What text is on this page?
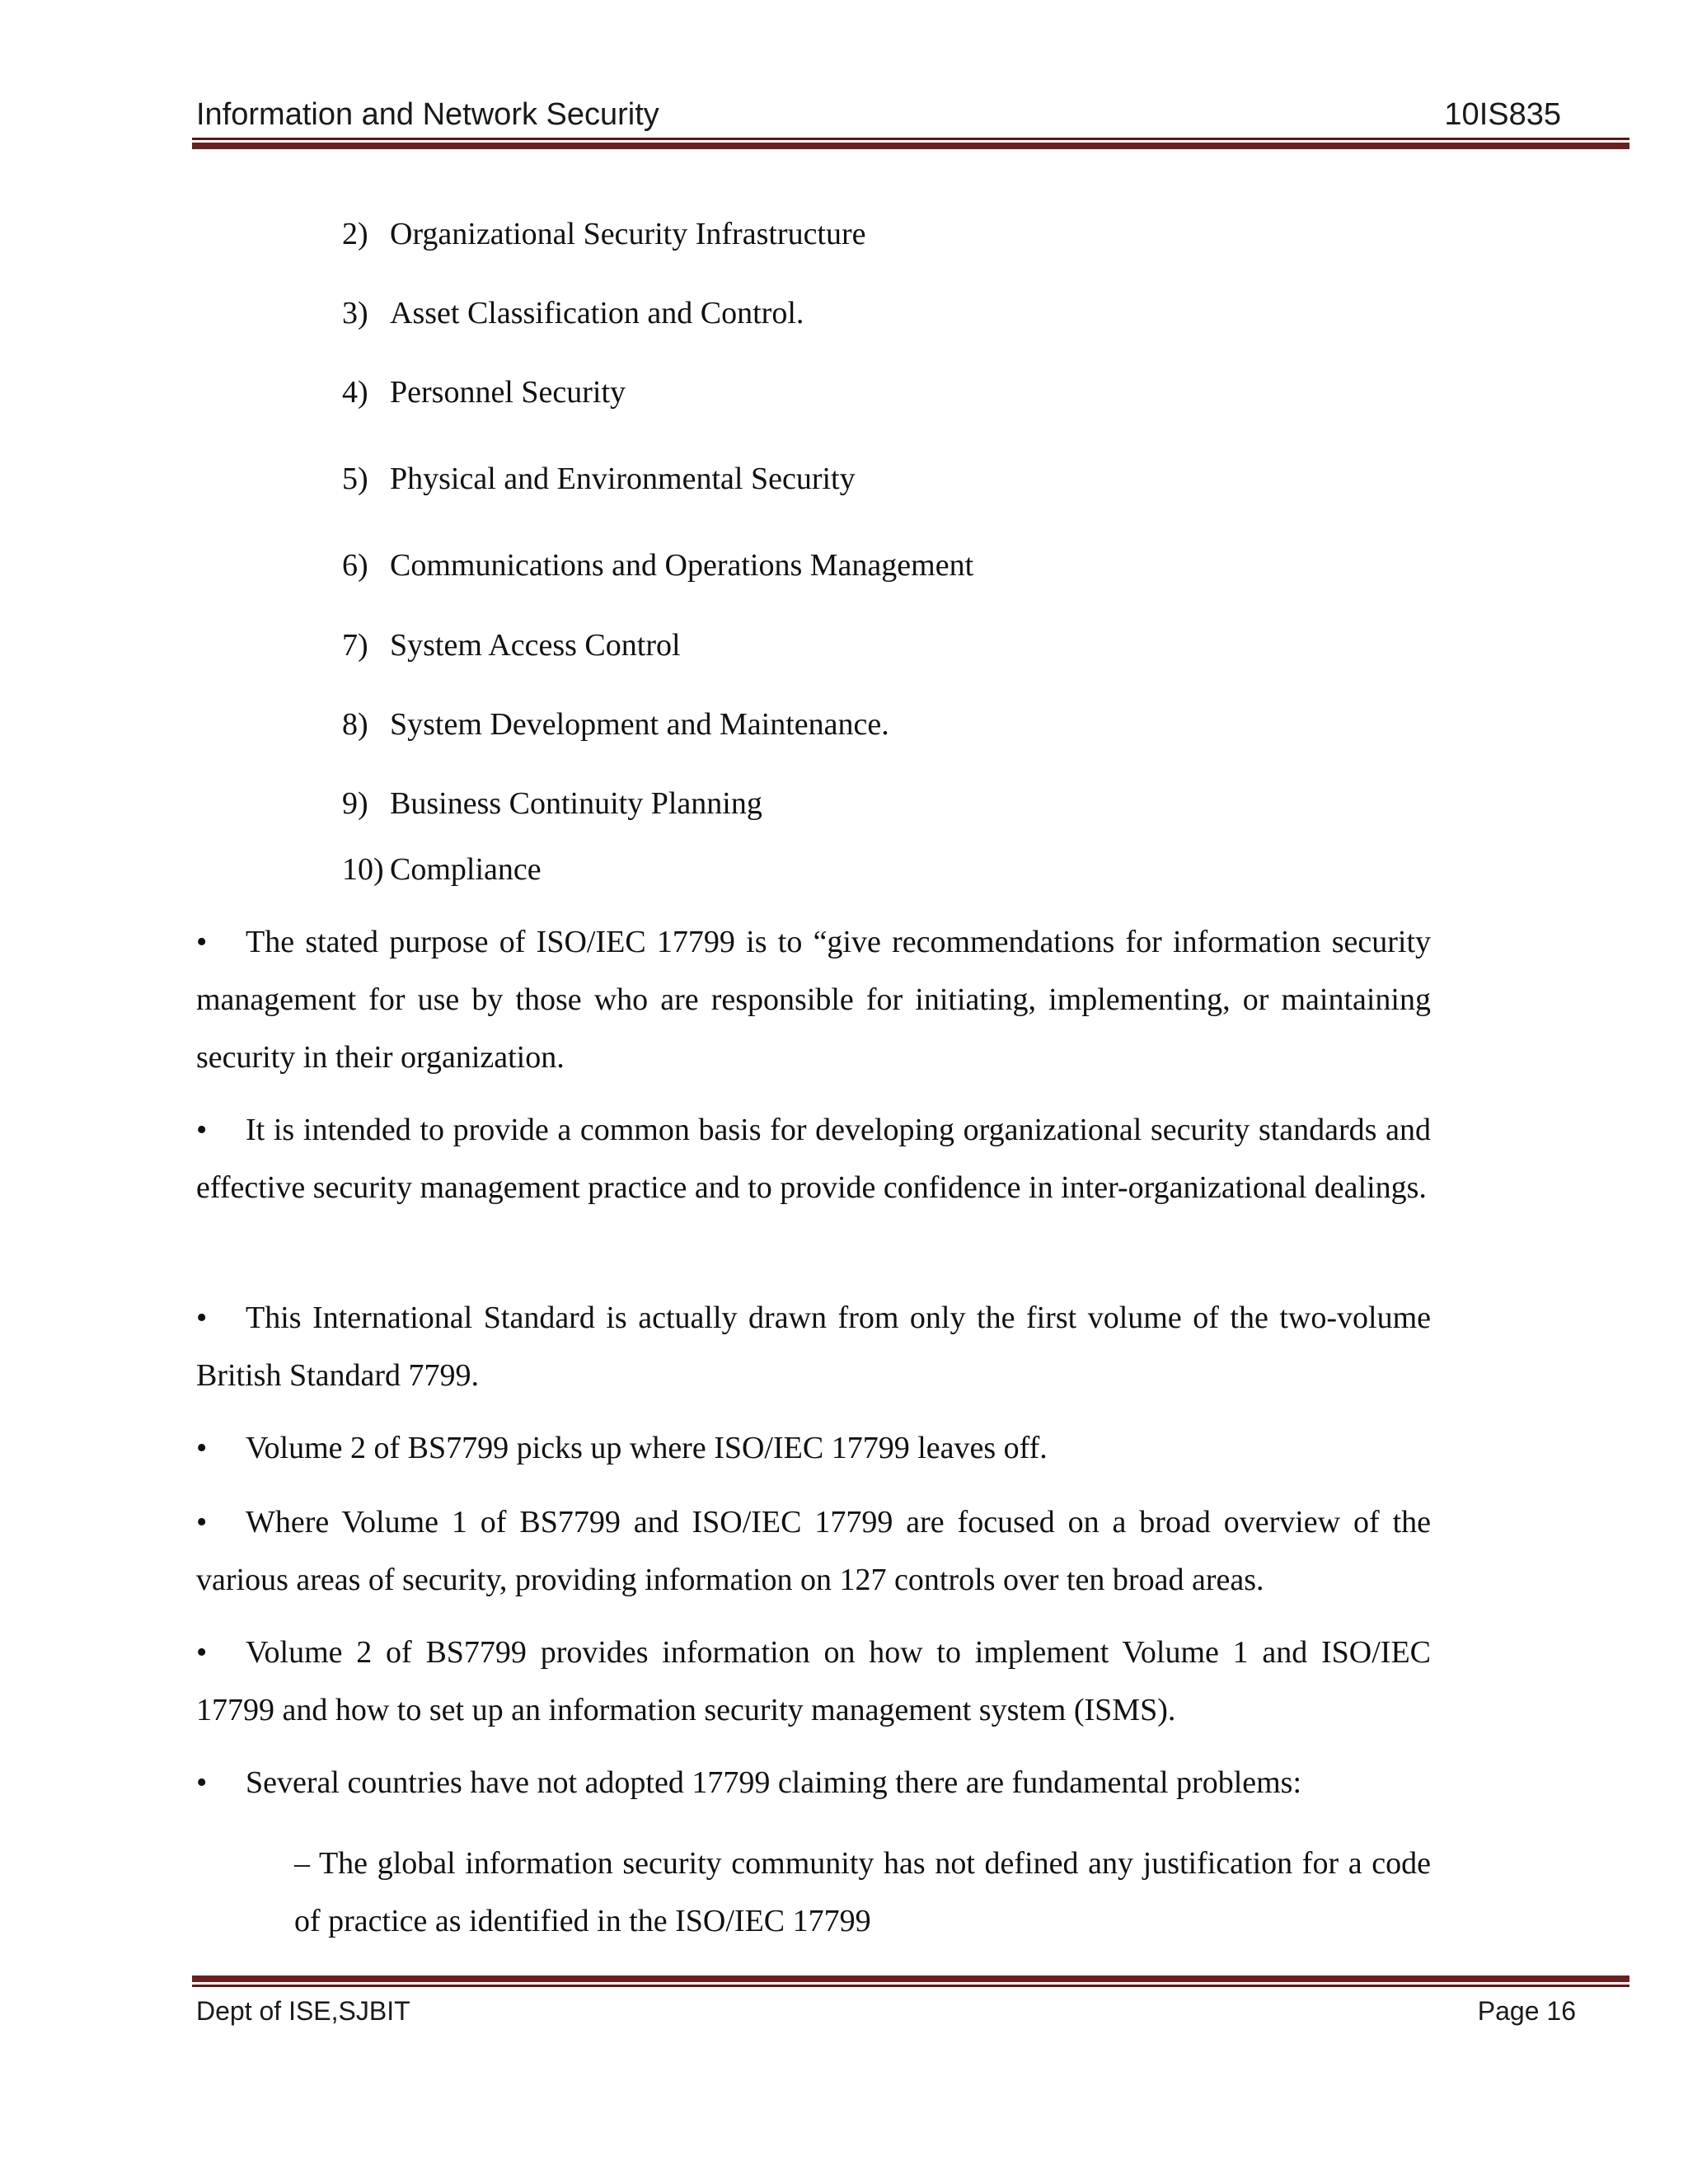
Information and Network Security	10IS835
2) Organizational Security Infrastructure
3) Asset Classification and Control.
4) Personnel Security
5) Physical and Environmental Security
6) Communications and Operations Management
7) System Access Control
8) System Development and Maintenance.
9) Business Continuity Planning
10) Compliance

• The stated purpose of ISO/IEC 17799 is to “give recommendations for information security management for use by those who are responsible for initiating, implementing, or maintaining security in their organization.

• It is intended to provide a common basis for developing organizational security standards and effective security management practice and to provide confidence in inter-organizational dealings.

• This International Standard is actually drawn from only the first volume of the two-volume British Standard 7799.

• Volume 2 of BS7799 picks up where ISO/IEC 17799 leaves off.

• Where Volume 1 of BS7799 and ISO/IEC 17799 are focused on a broad overview of the various areas of security, providing information on 127 controls over ten broad areas.

• Volume 2 of BS7799 provides information on how to implement Volume 1 and ISO/IEC 17799 and how to set up an information security management system (ISMS).

• Several countries have not adopted 17799 claiming there are fundamental problems:

– The global information security community has not defined any justification for a code of practice as identified in the ISO/IEC 17799

Dept of ISE,SJBIT	Page 16
